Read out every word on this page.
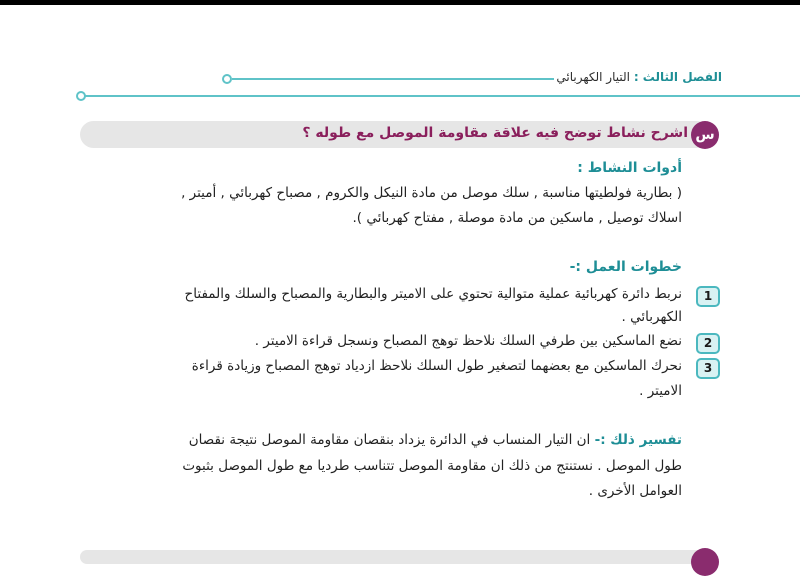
الفصل الثالث : التيار الكهربائي
س
اشرح نشاط توضح فيه علاقة مقاومة الموصل مع طوله ؟
أدوات النشاط :
( بطارية فولطيتها مناسبة , سلك موصل من مادة النيكل والكروم , مصباح كهربائي , أميتر ,
اسلاك توصيل , ماسكين من مادة موصلة , مفتاح كهربائي ).
خطوات العمل :-
1
نربط دائرة كهربائية عملية متوالية تحتوي على الاميتر والبطارية والمصباح والسلك والمفتاح
الكهربائي .
2
نضع الماسكين بين طرفي السلك نلاحظ توهج المصباح ونسجل قراءة الاميتر .
3
نحرك الماسكين مع بعضهما لتصغير طول السلك نلاحظ ازدياد توهج المصباح وزيادة قراءة
الاميتر .
تفسير ذلك :- ان التيار المنساب في الدائرة يزداد بنقصان مقاومة الموصل نتيجة نقصان
طول الموصل . نستنتج من ذلك ان مقاومة الموصل تتناسب طرديا مع طول الموصل بثبوت
العوامل الأخرى .
